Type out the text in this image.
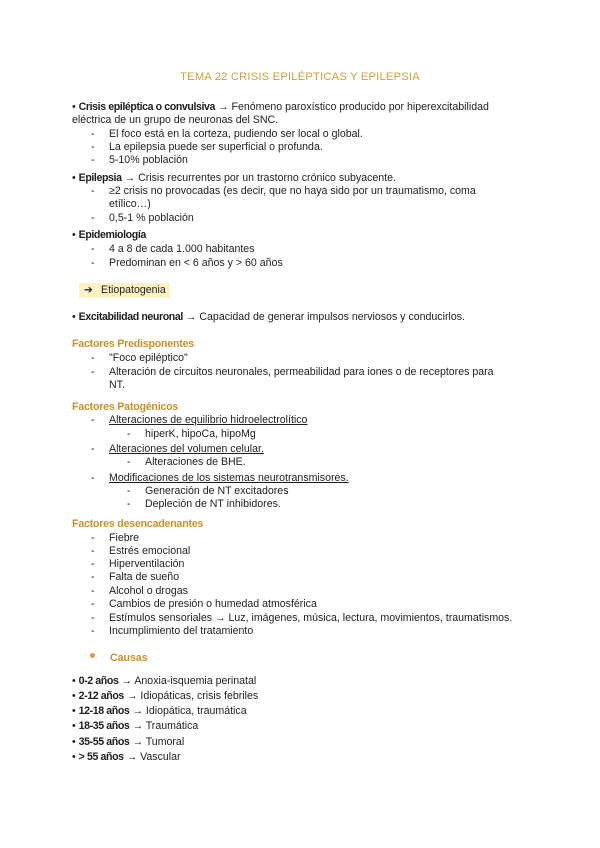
TEMA 22 CRISIS EPILÉPTICAS Y EPILEPSIA
• Crisis epiléptica o convulsiva → Fenómeno paroxístico producido por hiperexcitabilidad
eléctrica de un grupo de neuronas del SNC.
- El foco está en la corteza, pudiendo ser local o global.
- La epilepsia puede ser superficial o profunda.
- 5-10% población
• Epilepsia → Crisis recurrentes por un trastorno crónico subyacente.
- ≥2 crisis no provocadas (es decir, que no haya sido por un traumatismo, coma
etílico…)
- 0,5-1 % población
• Epidemiología
- 4 a 8 de cada 1.000 habitantes
- Predominan en < 6 años y > 60 años
➔ Etiopatogenia
• Excitabilidad neuronal → Capacidad de generar impulsos nerviosos y conducirlos.
Factores Predisponentes
- "Foco epiléptico"
- Alteración de circuitos neuronales, permeabilidad para iones o de receptores para
NT.
Factores Patogénicos
- Alteraciones de equilibrio hidroelectrolítico
- hiperK, hipoCa, hipoMg
- Alteraciones del volumen celular.
- Alteraciones de BHE.
- Modificaciones de los sistemas neurotransmisores.
- Generación de NT excitadores
- Depleción de NT inhibidores.
Factores desencadenantes
- Fiebre
- Estrés emocional
- Hiperventilación
- Falta de sueño
- Alcohol o drogas
- Cambios de presión o humedad atmosférica
- Estímulos sensoriales → Luz, imágenes, música, lectura, movimientos, traumatismos.
- Incumplimiento del tratamiento
Causas
• 0-2 años → Anoxia-isquemia perinatal
• 2-12 años → Idiopáticas, crisis febriles
• 12-18 años → Idiopática, traumática
• 18-35 años → Traumática
• 35-55 años → Tumoral
• > 55 años → Vascular
